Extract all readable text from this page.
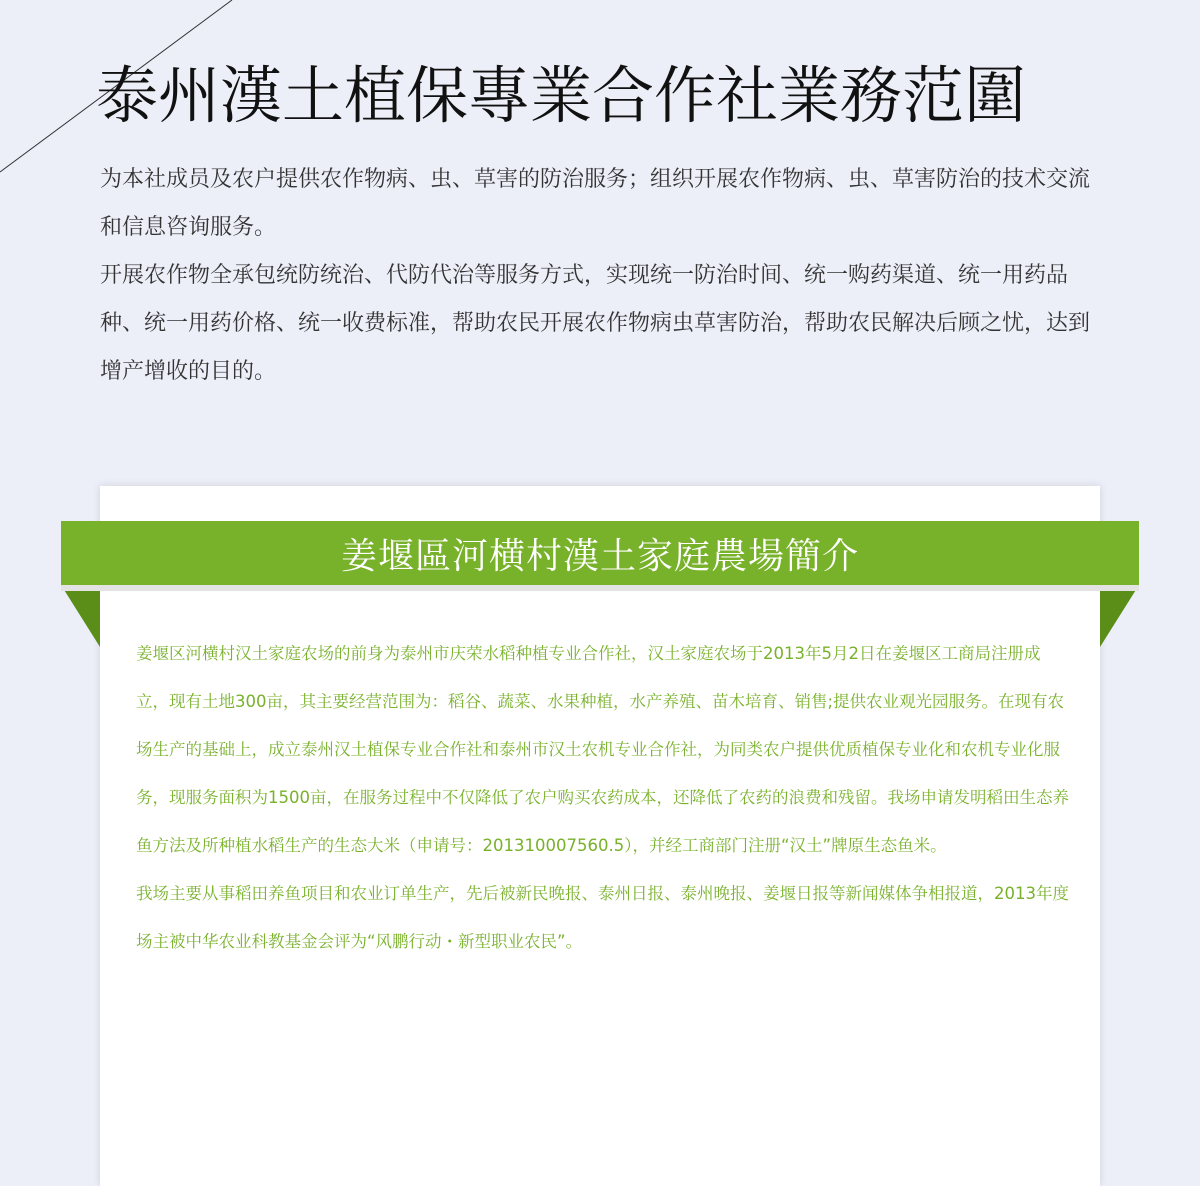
泰州漢土植保專業合作社業務范圍

为本社成员及农户提供农作物病、虫、草害的防治服务；组织开展农作物病、虫、草害防治的技术交流和信息咨询服务。

开展农作物全承包统防统治、代防代治等服务方式，实现统一防治时间、统一购药渠道、统一用药品种、统一用药价格、统一收费标准，帮助农民开展农作物病虫草害防治，帮助农民解决后顾之忧，达到增产增收的目的。

姜堰區河横村漢土家庭農場簡介

姜堰区河横村汉土家庭农场的前身为泰州市庆荣水稻种植专业合作社，汉土家庭农场于2013年5月2日在姜堰区工商局注册成立，现有土地300亩，其主要经营范围为：稻谷、蔬菜、水果种植，水产养殖、苗木培育、销售;提供农业观光园服务。在现有农场生产的基础上，成立泰州汉土植保专业合作社和泰州市汉土农机专业合作社，为同类农户提供优质植保专业化和农机专业化服务，现服务面积为1500亩，在服务过程中不仅降低了农户购买农药成本，还降低了农药的浪费和残留。我场申请发明稻田生态养鱼方法及所种植水稻生产的生态大米（申请号：201310007560.5），并经工商部门注册“汉土”牌原生态鱼米。

我场主要从事稻田养鱼项目和农业订单生产，先后被新民晚报、泰州日报、泰州晚报、姜堰日报等新闻媒体争相报道，2013年度场主被中华农业科教基金会评为“风鹏行动・新型职业农民”。
